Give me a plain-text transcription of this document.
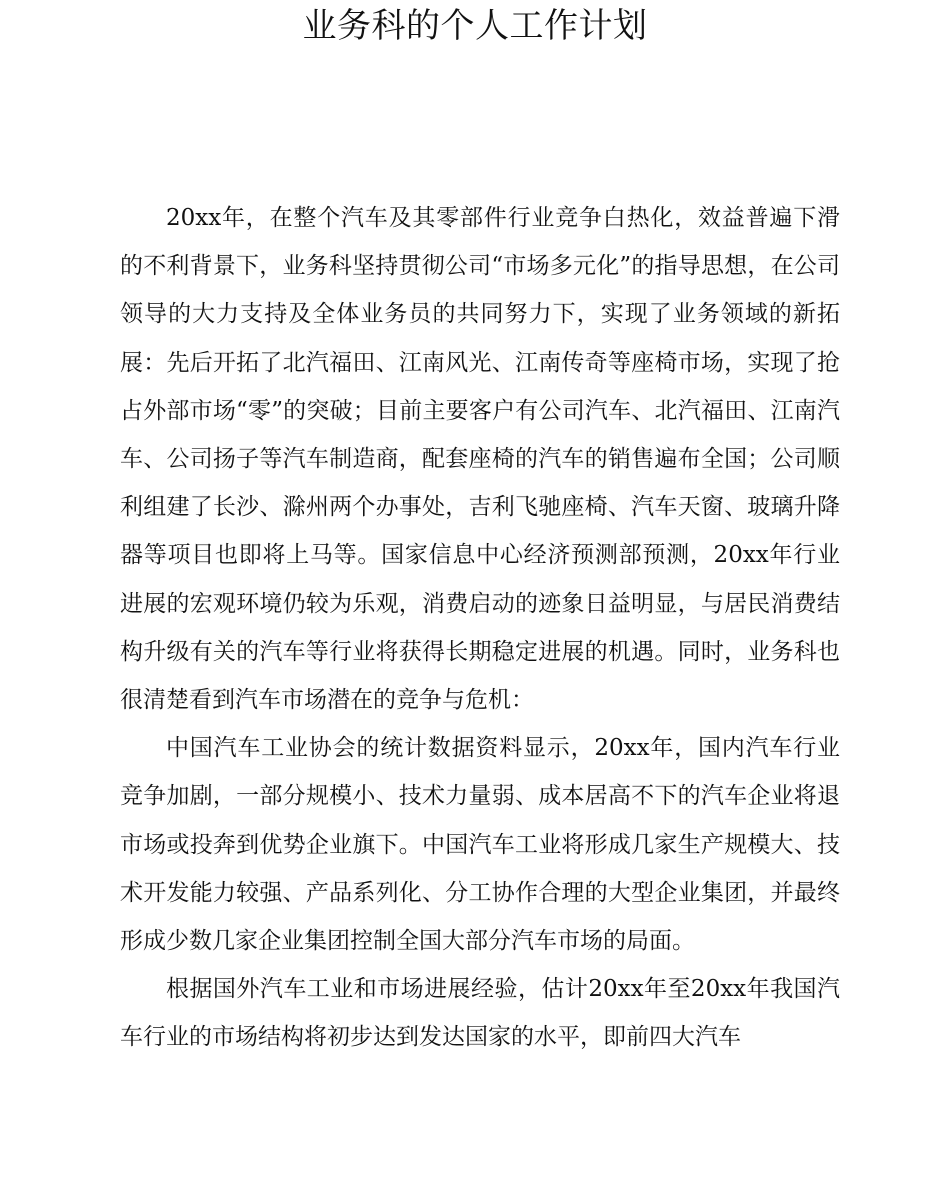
业务科的个人工作计划

20xx年，在整个汽车及其零部件行业竞争白热化，效益普遍下滑的不利背景下，业务科坚持贯彻公司“市场多元化”的指导思想，在公司领导的大力支持及全体业务员的共同努力下，实现了业务领域的新拓展：先后开拓了北汽福田、江南风光、江南传奇等座椅市场，实现了抢占外部市场“零”的突破；目前主要客户有公司汽车、北汽福田、江南汽车、公司扬子等汽车制造商，配套座椅的汽车的销售遍布全国；公司顺利组建了长沙、滁州两个办事处，吉利飞驰座椅、汽车天窗、玻璃升降器等项目也即将上马等。国家信息中心经济预测部预测，20xx年行业进展的宏观环境仍较为乐观，消费启动的迹象日益明显，与居民消费结构升级有关的汽车等行业将获得长期稳定进展的机遇。同时，业务科也很清楚看到汽车市场潜在的竞争与危机：

中国汽车工业协会的统计数据资料显示，20xx年，国内汽车行业竞争加剧，一部分规模小、技术力量弱、成本居高不下的汽车企业将退市场或投奔到优势企业旗下。中国汽车工业将形成几家生产规模大、技术开发能力较强、产品系列化、分工协作合理的大型企业集团，并最终形成少数几家企业集团控制全国大部分汽车市场的局面。

根据国外汽车工业和市场进展经验，估计20xx年至20xx年我国汽车行业的市场结构将初步达到发达国家的水平，即前四大汽车
